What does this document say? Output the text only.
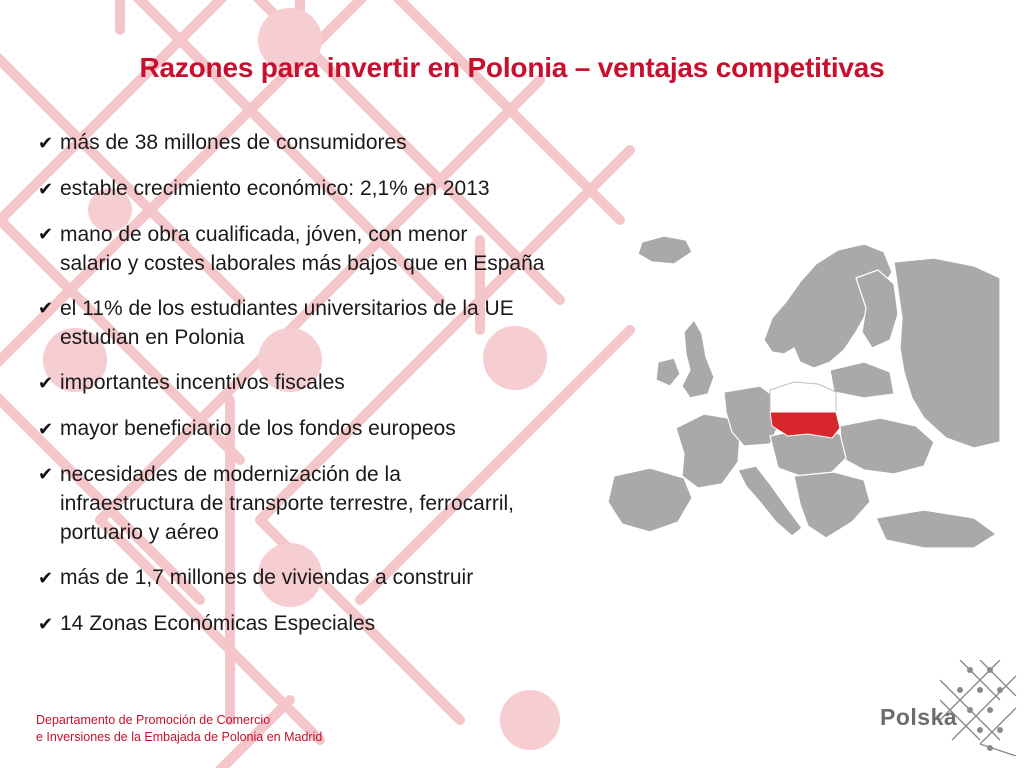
Razones para invertir en Polonia – ventajas competitivas
✔ más de 38 millones de consumidores
✔ estable crecimiento económico: 2,1% en 2013
✔ mano de obra cualificada, jóven, con menor
salario y costes laborales más bajos que en España
✔ el 11% de los estudiantes universitarios de la UE
estudian en Polonia
✔ importantes incentivos fiscales
✔ mayor beneficiario de los fondos europeos
✔ necesidades de modernización de la
infraestructura de transporte terrestre, ferrocarril,
portuario y aéreo
✔ más de 1,7 millones de viviendas a construir
✔ 14 Zonas Económicas Especiales
Departamento de Promoción de Comercio
e Inversiones de la Embajada de Polonia en Madrid
Polska
